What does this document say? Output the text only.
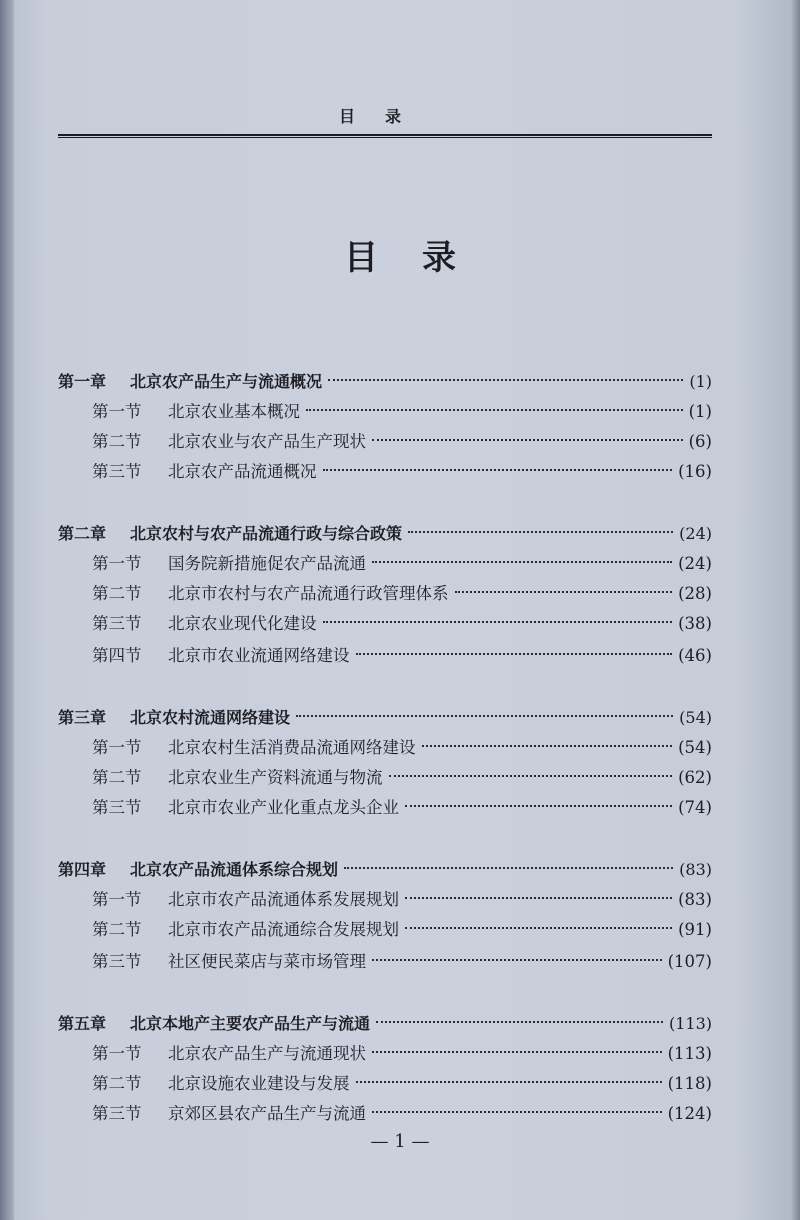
目录
目录
第一章	北京农产品生产与流通概况	(1)
第一节	北京农业基本概况	(1)
第二节	北京农业与农产品生产现状	(6)
第三节	北京农产品流通概况	(16)
第二章	北京农村与农产品流通行政与综合政策	(24)
第一节	国务院新措施促农产品流通	(24)
第二节	北京市农村与农产品流通行政管理体系	(28)
第三节	北京农业现代化建设	(38)
第四节	北京市农业流通网络建设	(46)
第三章	北京农村流通网络建设	(54)
第一节	北京农村生活消费品流通网络建设	(54)
第二节	北京农业生产资料流通与物流	(62)
第三节	北京市农业产业化重点龙头企业	(74)
第四章	北京农产品流通体系综合规划	(83)
第一节	北京市农产品流通体系发展规划	(83)
第二节	北京市农产品流通综合发展规划	(91)
第三节	社区便民菜店与菜市场管理	(107)
第五章	北京本地产主要农产品生产与流通	(113)
第一节	北京农产品生产与流通现状	(113)
第二节	北京设施农业建设与发展	(118)
第三节	京郊区县农产品生产与流通	(124)
— 1 —
